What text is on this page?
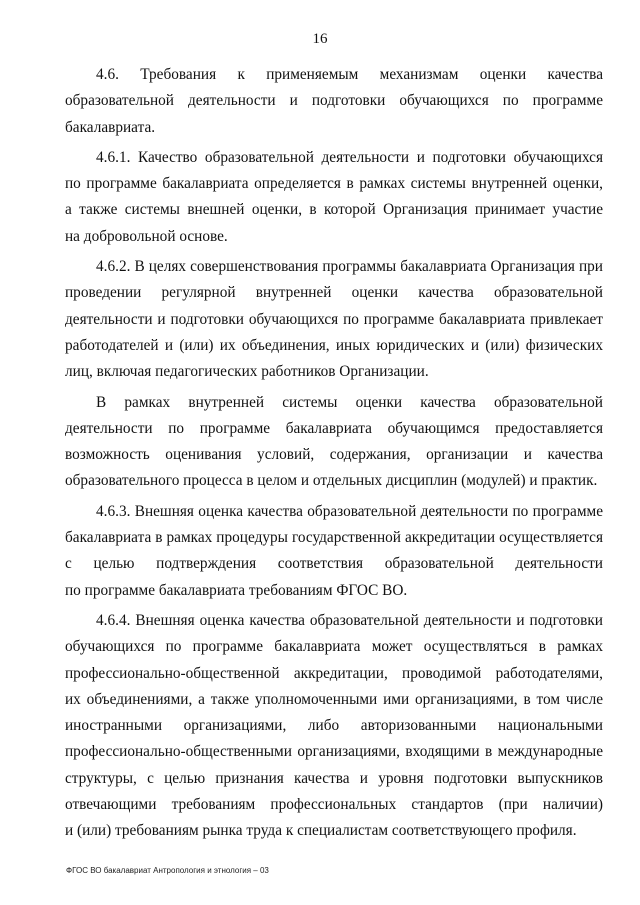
16
4.6. Требования к применяемым механизмам оценки качества
образовательной деятельности и подготовки обучающихся по программе
бакалавриата.
4.6.1. Качество образовательной деятельности и подготовки обучающихся
по программе бакалавриата определяется в рамках системы внутренней оценки,
а также системы внешней оценки, в которой Организация принимает участие
на добровольной основе.
4.6.2. В целях совершенствования программы бакалавриата Организация при
проведении регулярной внутренней оценки качества образовательной
деятельности и подготовки обучающихся по программе бакалавриата привлекает
работодателей и (или) их объединения, иных юридических и (или) физических
лиц, включая педагогических работников Организации.
В рамках внутренней системы оценки качества образовательной
деятельности по программе бакалавриата обучающимся предоставляется
возможность оценивания условий, содержания, организации и качества
образовательного процесса в целом и отдельных дисциплин (модулей) и практик.
4.6.3. Внешняя оценка качества образовательной деятельности по программе
бакалавриата в рамках процедуры государственной аккредитации осуществляется
с целью подтверждения соответствия образовательной деятельности
по программе бакалавриата требованиям ФГОС ВО.
4.6.4. Внешняя оценка качества образовательной деятельности и подготовки
обучающихся по программе бакалавриата может осуществляться в рамках
профессионально-общественной аккредитации, проводимой работодателями,
их объединениями, а также уполномоченными ими организациями, в том числе
иностранными организациями, либо авторизованными национальными
профессионально-общественными организациями, входящими в международные
структуры, с целью признания качества и уровня подготовки выпускников
отвечающими требованиям профессиональных стандартов (при наличии)
и (или) требованиям рынка труда к специалистам соответствующего профиля.
ФГОС ВО бакалавриат Антропология и этнология – 03
